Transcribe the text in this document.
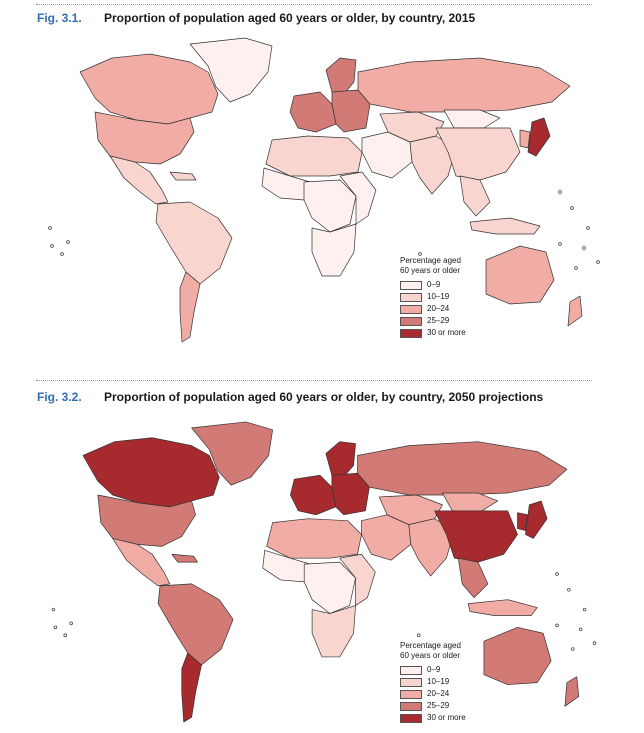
Fig. 3.1. Proportion of population aged 60 years or older, by country, 2015
Percentage aged
60 years or older
0–9
10–19
20–24
25–29
30 or more
Fig. 3.2. Proportion of population aged 60 years or older, by country, 2050 projections
Percentage aged
60 years or older
0–9
10–19
20–24
25–29
30 or more
